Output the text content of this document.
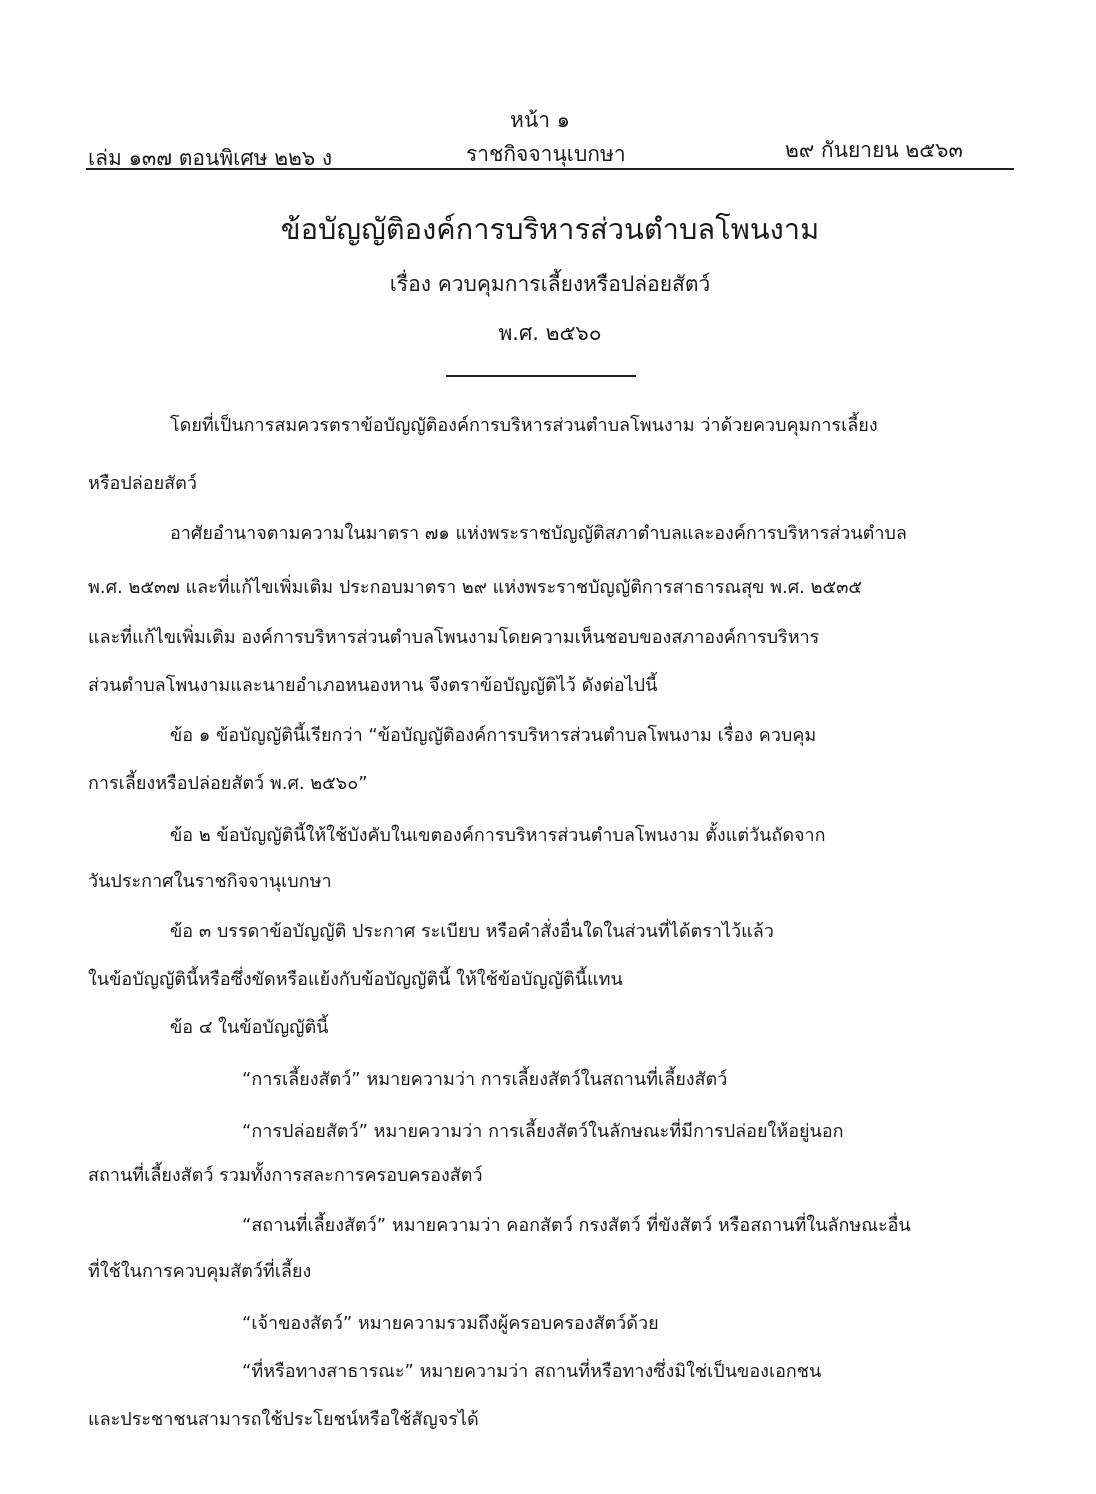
หน้า ๑
เล่ม ๑๓๗ ตอนพิเศษ ๒๒๖ ง	ราชกิจจานุเบกษา	๒๙ กันยายน ๒๕๖๓
ข้อบัญญัติองค์การบริหารส่วนตำบลโพนงาม
เรื่อง ควบคุมการเลี้ยงหรือปล่อยสัตว์
พ.ศ. ๒๕๖๐
โดยที่เป็นการสมควรตราข้อบัญญัติองค์การบริหารส่วนตำบลโพนงาม ว่าด้วยควบคุมการเลี้ยง
หรือปล่อยสัตว์
อาศัยอำนาจตามความในมาตรา ๗๑ แห่งพระราชบัญญัติสภาตำบลและองค์การบริหารส่วนตำบล
พ.ศ. ๒๕๓๗ และที่แก้ไขเพิ่มเติม ประกอบมาตรา ๒๙ แห่งพระราชบัญญัติการสาธารณสุข พ.ศ. ๒๕๓๕
และที่แก้ไขเพิ่มเติม องค์การบริหารส่วนตำบลโพนงามโดยความเห็นชอบของสภาองค์การบริหาร
ส่วนตำบลโพนงามและนายอำเภอหนองหาน จึงตราข้อบัญญัติไว้ ดังต่อไปนี้
ข้อ ๑ ข้อบัญญัตินี้เรียกว่า “ข้อบัญญัติองค์การบริหารส่วนตำบลโพนงาม เรื่อง ควบคุม
การเลี้ยงหรือปล่อยสัตว์ พ.ศ. ๒๕๖๐”
ข้อ ๒ ข้อบัญญัตินี้ให้ใช้บังคับในเขตองค์การบริหารส่วนตำบลโพนงาม ตั้งแต่วันถัดจาก
วันประกาศในราชกิจจานุเบกษา
ข้อ ๓ บรรดาข้อบัญญัติ ประกาศ ระเบียบ หรือคำสั่งอื่นใดในส่วนที่ได้ตราไว้แล้ว
ในข้อบัญญัตินี้หรือซึ่งขัดหรือแย้งกับข้อบัญญัตินี้ ให้ใช้ข้อบัญญัตินี้แทน
ข้อ ๔ ในข้อบัญญัตินี้
“การเลี้ยงสัตว์” หมายความว่า การเลี้ยงสัตว์ในสถานที่เลี้ยงสัตว์
“การปล่อยสัตว์” หมายความว่า การเลี้ยงสัตว์ในลักษณะที่มีการปล่อยให้อยู่นอก
สถานที่เลี้ยงสัตว์ รวมทั้งการสละการครอบครองสัตว์
“สถานที่เลี้ยงสัตว์” หมายความว่า คอกสัตว์ กรงสัตว์ ที่ขังสัตว์ หรือสถานที่ในลักษณะอื่น
ที่ใช้ในการควบคุมสัตว์ที่เลี้ยง
“เจ้าของสัตว์” หมายความรวมถึงผู้ครอบครองสัตว์ด้วย
“ที่หรือทางสาธารณะ” หมายความว่า สถานที่หรือทางซึ่งมิใช่เป็นของเอกชน
และประชาชนสามารถใช้ประโยชน์หรือใช้สัญจรได้
